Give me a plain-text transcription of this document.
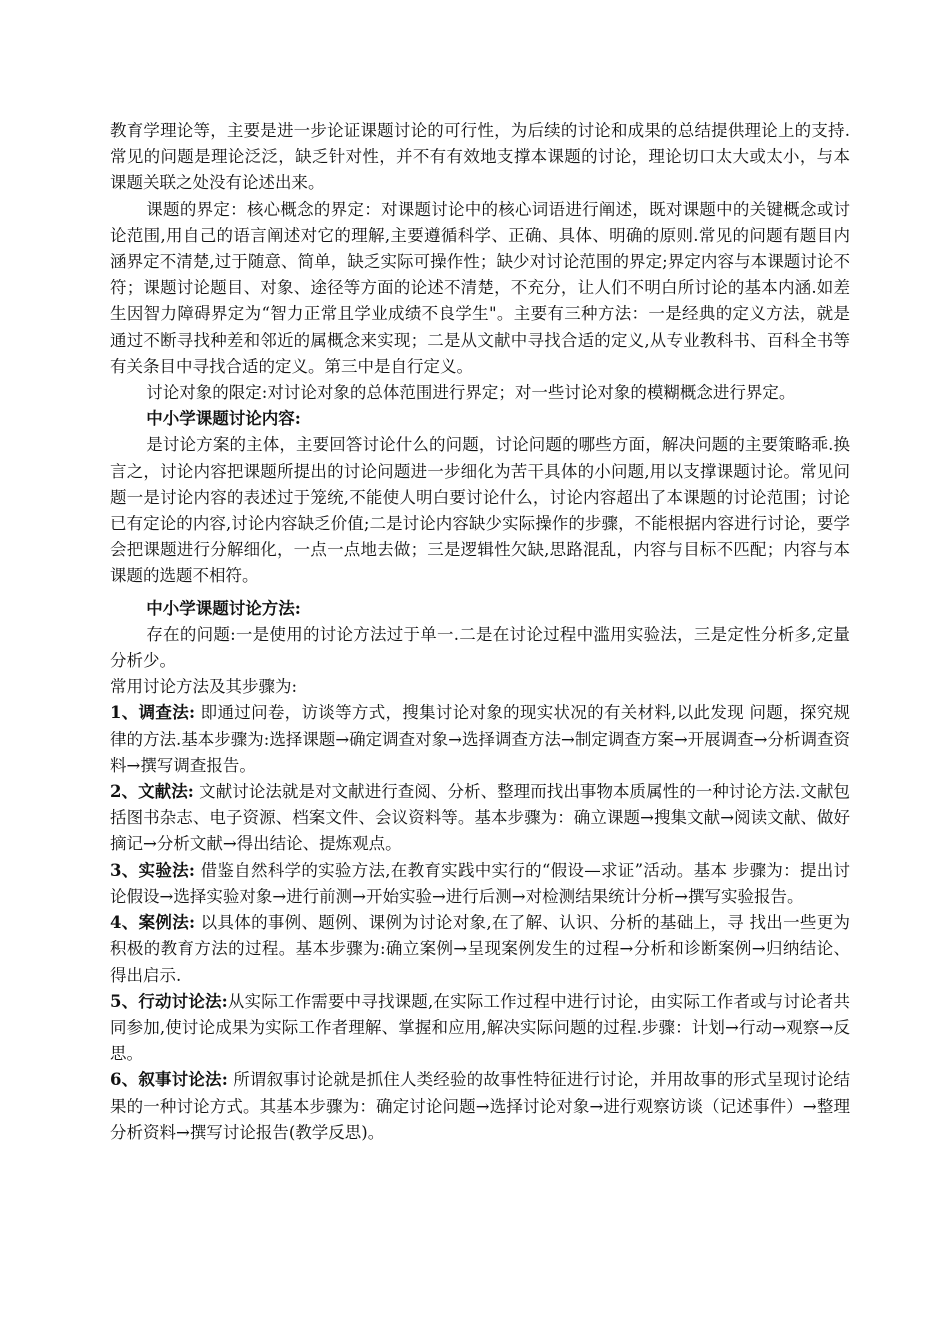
教育学理论等，主要是进一步论证课题讨论的可行性，为后续的讨论和成果的总结提供理论上的支持.常见的问题是理论泛泛，缺乏针对性，并不有有效地支撑本课题的讨论，理论切口太大或太小，与本课题关联之处没有论述出来。

课题的界定：核心概念的界定：对课题讨论中的核心词语进行阐述，既对课题中的关键概念或讨论范围,用自己的语言阐述对它的理解,主要遵循科学、正确、具体、明确的原则.常见的问题有题目内涵界定不清楚,过于随意、简单，缺乏实际可操作性；缺少对讨论范围的界定;界定内容与本课题讨论不符；课题讨论题目、对象、途径等方面的论述不清楚，不充分，让人们不明白所讨论的基本内涵.如差生因智力障碍界定为“智力正常且学业成绩不良学生"。主要有三种方法：一是经典的定义方法，就是通过不断寻找种差和邻近的属概念来实现；二是从文献中寻找合适的定义,从专业教科书、百科全书等有关条目中寻找合适的定义。第三中是自行定义。

讨论对象的限定:对讨论对象的总体范围进行界定；对一些讨论对象的模糊概念进行界定。

中小学课题讨论内容:

是讨论方案的主体，主要回答讨论什么的问题，讨论问题的哪些方面，解决问题的主要策略乖.换言之，讨论内容把课题所提出的讨论问题进一步细化为苦干具体的小问题,用以支撑课题讨论。常见问题一是讨论内容的表述过于笼统,不能使人明白要讨论什么，讨论内容超出了本课题的讨论范围；讨论已有定论的内容,讨论内容缺乏价值;二是讨论内容缺少实际操作的步骤，不能根据内容进行讨论，要学会把课题进行分解细化，一点一点地去做；三是逻辑性欠缺,思路混乱，内容与目标不匹配；内容与本课题的选题不相符。

中小学课题讨论方法:

存在的问题:一是使用的讨论方法过于单一.二是在讨论过程中滥用实验法，三是定性分析多,定量分析少。

常用讨论方法及其步骤为:

1、调查法: 即通过问卷，访谈等方式，搜集讨论对象的现实状况的有关材料,以此发现 问题，探究规律的方法.基本步骤为:选择课题→确定调查对象→选择调查方法→制定调查方案→开展调查→分析调查资料→撰写调查报告。

2、文献法: 文献讨论法就是对文献进行查阅、分析、整理而找出事物本质属性的一种讨论方法.文献包括图书杂志、电子资源、档案文件、会议资料等。基本步骤为：确立课题→搜集文献→阅读文献、做好摘记→分析文献→得出结论、提炼观点。

3、实验法: 借鉴自然科学的实验方法,在教育实践中实行的“假设—求证”活动。基本 步骤为：提出讨论假设→选择实验对象→进行前测→开始实验→进行后测→对检测结果统计分析→撰写实验报告。

4、案例法: 以具体的事例、题例、课例为讨论对象,在了解、认识、分析的基础上，寻 找出一些更为积极的教育方法的过程。基本步骤为:确立案例→呈现案例发生的过程→分析和诊断案例→归纳结论、得出启示.

5、行动讨论法:从实际工作需要中寻找课题,在实际工作过程中进行讨论，由实际工作者或与讨论者共同参加,使讨论成果为实际工作者理解、掌握和应用,解决实际问题的过程.步骤：计划→行动→观察→反思。

6、叙事讨论法: 所谓叙事讨论就是抓住人类经验的故事性特征进行讨论，并用故事的形式呈现讨论结果的一种讨论方式。其基本步骤为：确定讨论问题→选择讨论对象→进行观察访谈（记述事件）→整理分析资料→撰写讨论报告(教学反思)。
